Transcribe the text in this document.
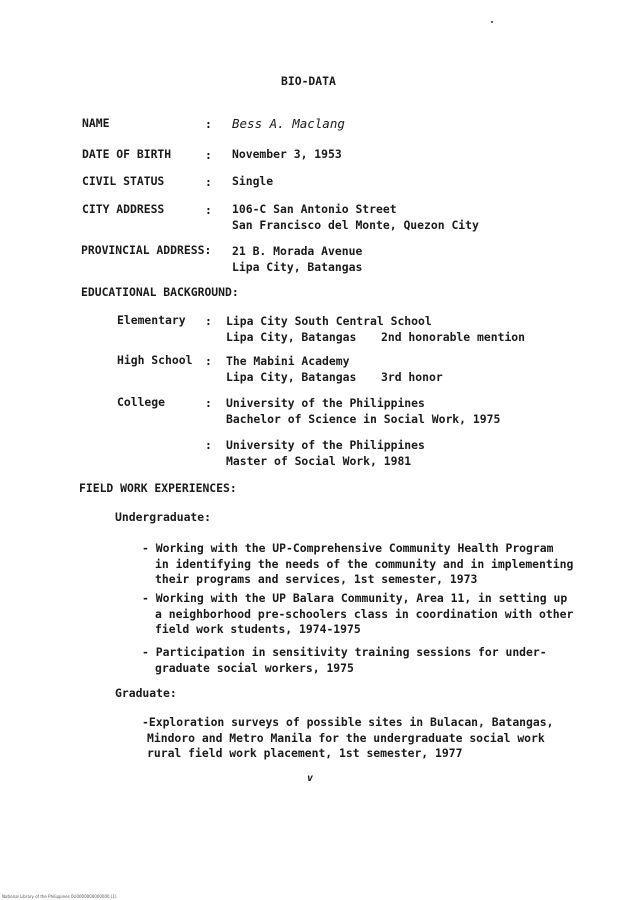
BIO-DATA
NAME	: Bess A. Maclang
DATE OF BIRTH	: November 3, 1953
CIVIL STATUS	: Single
CITY ADDRESS	: 106-C San Antonio Street
San Francisco del Monte, Quezon City
PROVINCIAL ADDRESS: 21 B. Morada Avenue
Lipa City, Batangas
EDUCATIONAL BACKGROUND:
Elementary : Lipa City South Central School
Lipa City, Batangas	2nd honorable mention
High School : The Mabini Academy
Lipa City, Batangas 3rd honor
College	: University of the Philippines
Bachelor of Science in Social Work, 1975
: University of the Philippines
Master of Social Work, 1981
FIELD WORK EXPERIENCES:
Undergraduate:
- Working with the UP-Comprehensive Community Health Program
in identifying the needs of the community and in implementing
their programs and services, 1st semester, 1973
- Working with the UP Balara Community, Area 11, in setting up
a neighborhood pre-schoolers class in coordination with other
field work students, 1974-1975
- Participation in sensitivity training sessions for under-
graduate social workers, 1975
Graduate:
-Exploration surveys of possible sites in Bulacan, Batangas,
Mindoro and Metro Manila for the undergraduate social work
rural field work placement, 1st semester, 1977
v
National Library of the Philippines 0U0000000000000 (1)
